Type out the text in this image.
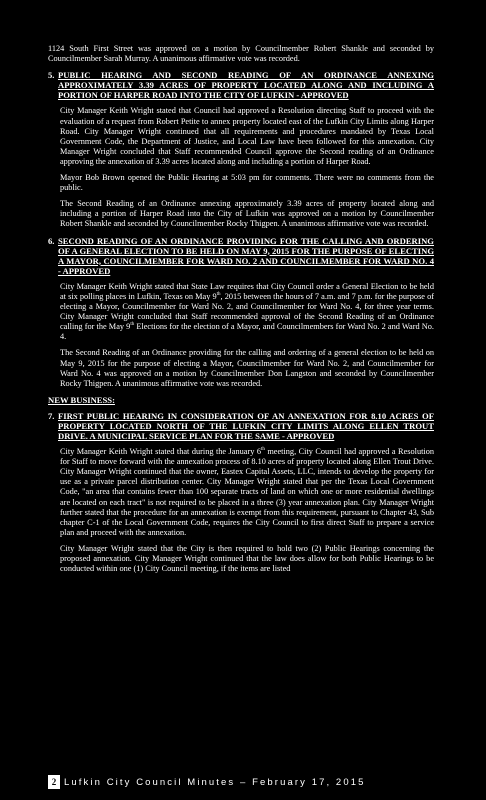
1124 South First Street was approved on a motion by Councilmember Robert Shankle and seconded by Councilmember Sarah Murray. A unanimous affirmative vote was recorded.

5. PUBLIC HEARING AND SECOND READING OF AN ORDINANCE ANNEXING APPROXIMATELY 3.39 ACRES OF PROPERTY LOCATED ALONG AND INCLUDING A PORTION OF HARPER ROAD INTO THE CITY OF LUFKIN - APPROVED

City Manager Keith Wright stated that Council had approved a Resolution directing Staff to proceed with the evaluation of a request from Robert Petite to annex property located east of the Lufkin City Limits along Harper Road. City Manager Wright continued that all requirements and procedures mandated by Texas Local Government Code, the Department of Justice, and Local Law have been followed for this annexation. City Manager Wright concluded that Staff recommended Council approve the Second reading of an Ordinance approving the annexation of 3.39 acres located along and including a portion of Harper Road.

Mayor Bob Brown opened the Public Hearing at 5:03 pm for comments. There were no comments from the public.

The Second Reading of an Ordinance annexing approximately 3.39 acres of property located along and including a portion of Harper Road into the City of Lufkin was approved on a motion by Councilmember Robert Shankle and seconded by Councilmember Rocky Thigpen. A unanimous affirmative vote was recorded.

6. SECOND READING OF AN ORDINANCE PROVIDING FOR THE CALLING AND ORDERING OF A GENERAL ELECTION TO BE HELD ON MAY 9, 2015 FOR THE PURPOSE OF ELECTING A MAYOR, COUNCILMEMBER FOR WARD NO. 2 AND COUNCILMEMBER FOR WARD NO. 4 - APPROVED

City Manager Keith Wright stated that State Law requires that City Council order a General Election to be held at six polling places in Lufkin, Texas on May 9th, 2015 between the hours of 7 a.m. and 7 p.m. for the purpose of electing a Mayor, Councilmember for Ward No. 2, and Councilmember for Ward No. 4, for three year terms. City Manager Wright concluded that Staff recommended approval of the Second Reading of an Ordinance calling for the May 9th Elections for the election of a Mayor, and Councilmembers for Ward No. 2 and Ward No. 4.

The Second Reading of an Ordinance providing for the calling and ordering of a general election to be held on May 9, 2015 for the purpose of electing a Mayor, Councilmember for Ward No. 2, and Councilmember for Ward No. 4 was approved on a motion by Councilmember Don Langston and seconded by Councilmember Rocky Thigpen. A unanimous affirmative vote was recorded.

NEW BUSINESS:
7. FIRST PUBLIC HEARING IN CONSIDERATION OF AN ANNEXATION FOR 8.10 ACRES OF PROPERTY LOCATED NORTH OF THE LUFKIN CITY LIMITS ALONG ELLEN TROUT DRIVE. A MUNICIPAL SERVICE PLAN FOR THE SAME - APPROVED

City Manager Keith Wright stated that during the January 6th meeting, City Council had approved a Resolution for Staff to move forward with the annexation process of 8.10 acres of property located along Ellen Trout Drive. City Manager Wright continued that the owner, Eastex Capital Assets, LLC, intends to develop the property for use as a private parcel distribution center. City Manager Wright stated that per the Texas Local Government Code, "an area that contains fewer than 100 separate tracts of land on which one or more residential dwellings are located on each tract" is not required to be placed in a three (3) year annexation plan. City Manager Wright further stated that the procedure for an annexation is exempt from this requirement, pursuant to Chapter 43, Sub chapter C-1 of the Local Government Code, requires the City Council to first direct Staff to prepare a service plan and proceed with the annexation.

City Manager Wright stated that the City is then required to hold two (2) Public Hearings concerning the proposed annexation. City Manager Wright continued that the law does allow for both Public Hearings to be conducted within one (1) City Council meeting, if the items are listed

2 Lufkin City Council Minutes – February 17, 2015
